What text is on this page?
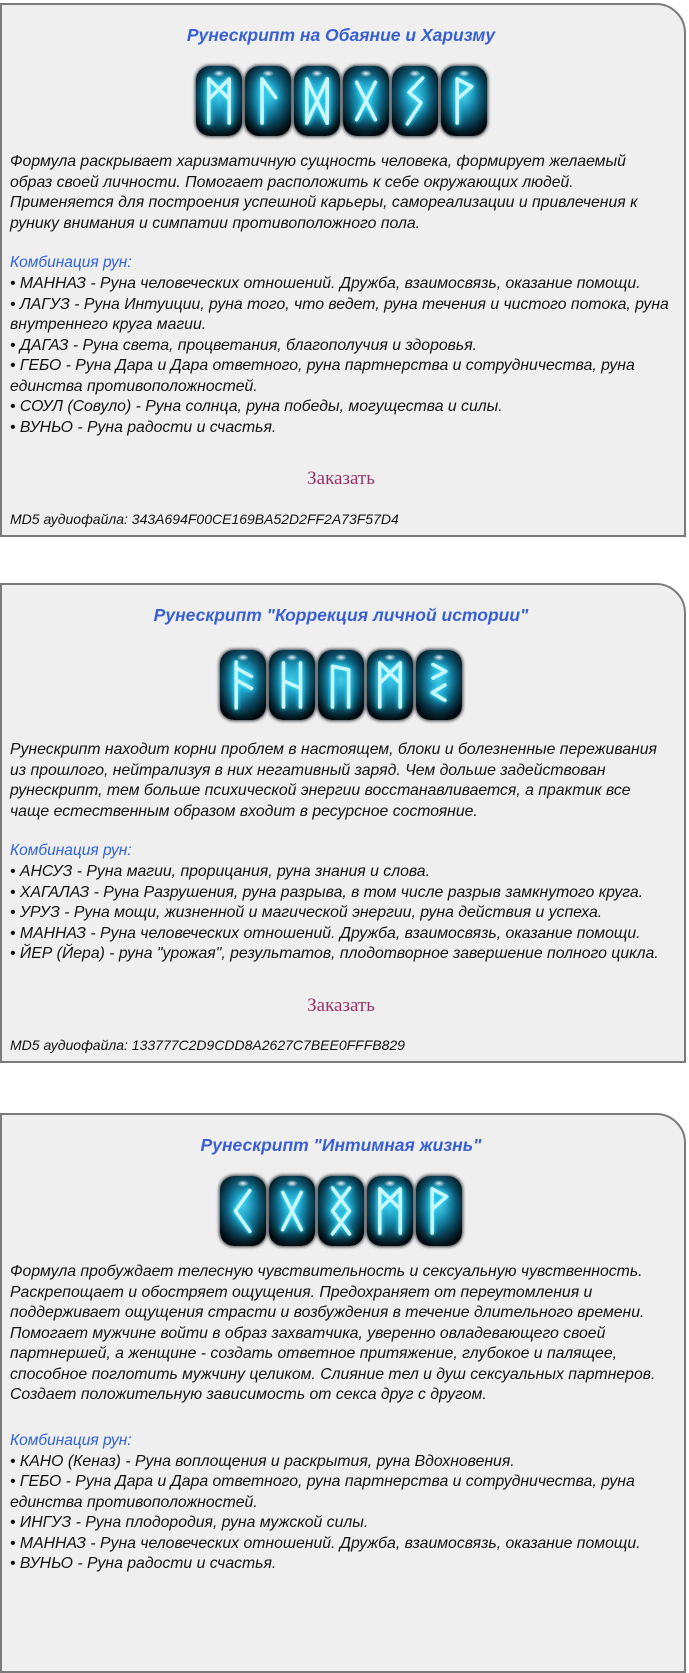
Рунескрипт на Обаяние и Харизму

Формула раскрывает харизматичную сущность человека, формирует желаемый образ своей личности. Помогает расположить к себе окружающих людей. Применяется для построения успешной карьеры, самореализации и привлечения к рунику внимания и симпатии противоположного пола.

Комбинация рун:
• МАННАЗ - Руна человеческих отношений. Дружба, взаимосвязь, оказание помощи.
• ЛАГУЗ - Руна Интуиции, руна того, что ведет, руна течения и чистого потока, руна внутреннего круга магии.
• ДАГАЗ - Руна света, процветания, благополучия и здоровья.
• ГЕБО - Руна Дара и Дара ответного, руна партнерства и сотрудничества, руна единства противоположностей.
• СОУЛ (Совуло) - Руна солнца, руна победы, могущества и силы.
• ВУНЬО - Руна радости и счастья.
Заказать
MD5 аудиофайла: 343A694F00CE169BA52D2FF2A73F57D4
Рунескрипт "Коррекция личной истории"

Рунескрипт находит корни проблем в настоящем, блоки и болезненные переживания из прошлого, нейтрализуя в них негативный заряд. Чем дольше задействован рунескрипт, тем больше психической энергии восстанавливается, а практик все чаще естественным образом входит в ресурсное состояние.

Комбинация рун:
• АНСУЗ - Руна магии, прорицания, руна знания и слова.
• ХАГАЛАЗ - Руна Разрушения, руна разрыва, в том числе разрыв замкнутого круга.
• УРУЗ - Руна мощи, жизненной и магической энергии, руна действия и успеха.
• МАННАЗ - Руна человеческих отношений. Дружба, взаимосвязь, оказание помощи.
• ЙЕР (Йера) - руна "урожая", результатов, плодотворное завершение полного цикла.
Заказать
MD5 аудиофайла: 133777C2D9CDD8A2627C7BEE0FFFB829
Рунескрипт "Интимная жизнь"

Формула пробуждает телесную чувствительность и сексуальную чувственность. Раскрепощает и обостряет ощущения. Предохраняет от переутомления и поддерживает ощущения страсти и возбуждения в течение длительного времени. Помогает мужчине войти в образ захватчика, уверенно овладевающего своей партнершей, а женщине - создать ответное притяжение, глубокое и палящее, способное поглотить мужчину целиком. Слияние тел и душ сексуальных партнеров. Создает положительную зависимость от секса друг с другом.

Комбинация рун:
• КАНО (Кеназ) - Руна воплощения и раскрытия, руна Вдохновения.
• ГЕБО - Руна Дара и Дара ответного, руна партнерства и сотрудничества, руна единства противоположностей.
• ИНГУЗ - Руна плодородия, руна мужской силы.
• МАННАЗ - Руна человеческих отношений. Дружба, взаимосвязь, оказание помощи.
• ВУНЬО - Руна радости и счастья.
